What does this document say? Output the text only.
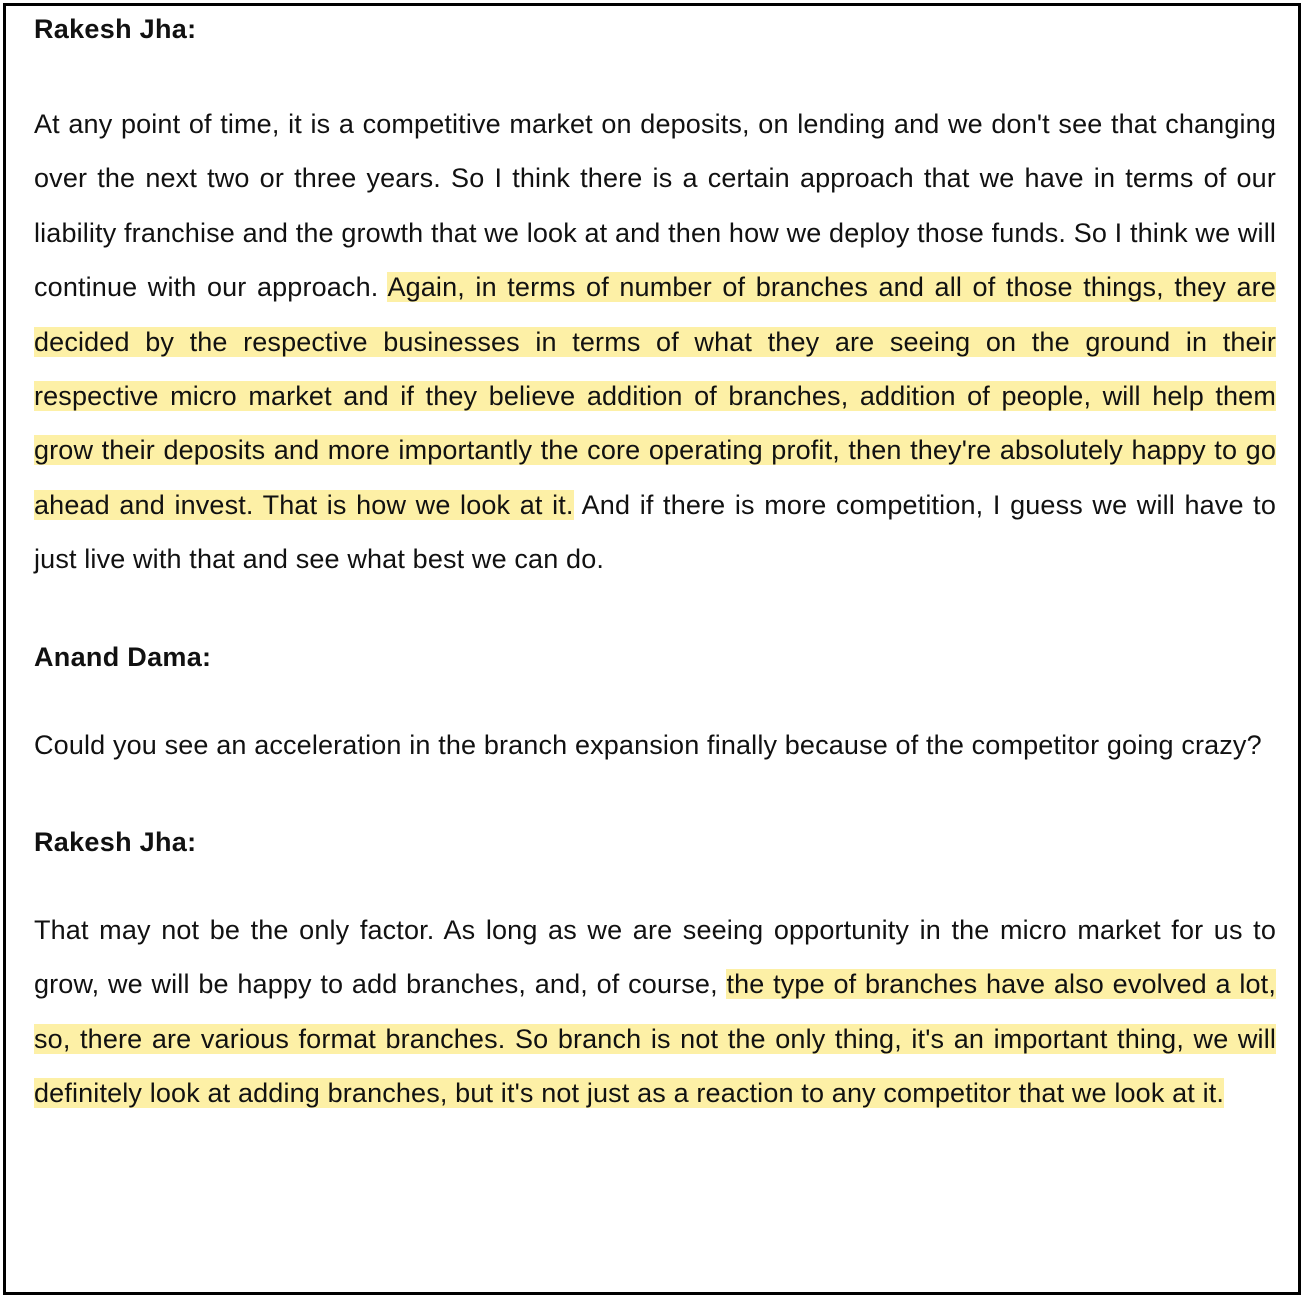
Rakesh Jha:

At any point of time, it is a competitive market on deposits, on lending and we don't see that changing over the next two or three years. So I think there is a certain approach that we have in terms of our liability franchise and the growth that we look at and then how we deploy those funds. So I think we will continue with our approach. Again, in terms of number of branches and all of those things, they are decided by the respective businesses in terms of what they are seeing on the ground in their respective micro market and if they believe addition of branches, addition of people, will help them grow their deposits and more importantly the core operating profit, then they're absolutely happy to go ahead and invest. That is how we look at it. And if there is more competition, I guess we will have to just live with that and see what best we can do.

Anand Dama:

Could you see an acceleration in the branch expansion finally because of the competitor going crazy?

Rakesh Jha:

That may not be the only factor. As long as we are seeing opportunity in the micro market for us to grow, we will be happy to add branches, and, of course, the type of branches have also evolved a lot, so, there are various format branches. So branch is not the only thing, it's an important thing, we will definitely look at adding branches, but it's not just as a reaction to any competitor that we look at it.
